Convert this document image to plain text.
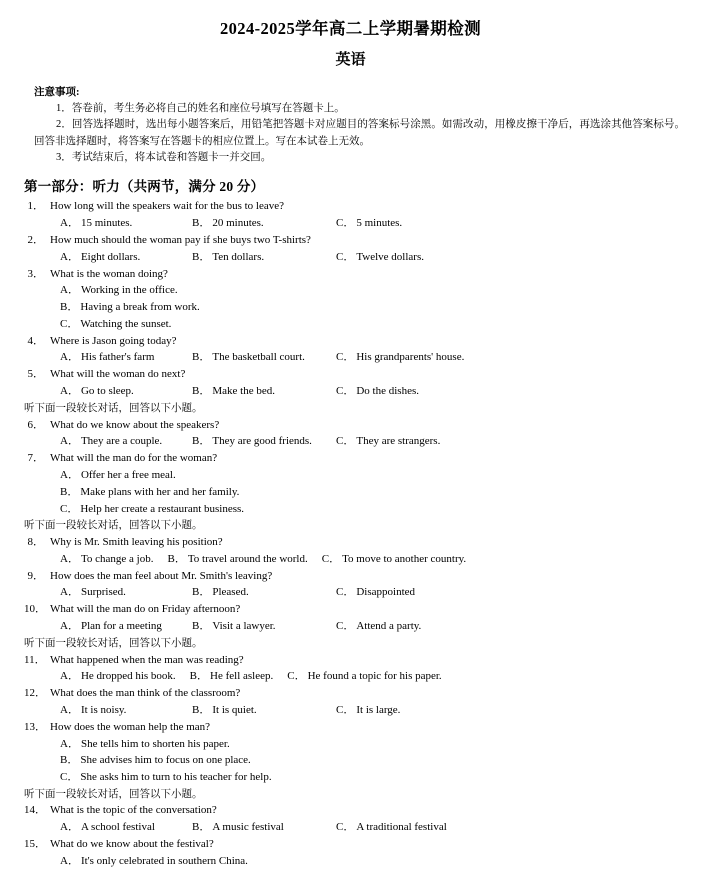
2024-2025学年高二上学期暑期检测
英语
注意事项:
1．答卷前，考生务必将自己的姓名和座位号填写在答题卡上。
2．回答选择题时，选出每小题答案后，用铅笔把答题卡对应题目的答案标号涂黑。如需改动，用橡皮擦干净后，再选涂其他答案标号。回答非选择题时，将答案写在答题卡的相应位置上。写在本试卷上无效。
3．考试结束后，将本试卷和答题卡一并交回。
第一部分：听力（共两节，满分 20 分）
1． How long will the speakers wait for the bus to leave?
A． 15 minutes.	B． 20 minutes.	C． 5 minutes.
2． How much should the woman pay if she buys two T-shirts?
A． Eight dollars.	B． Ten dollars.	C． Twelve dollars.
3． What is the woman doing?
A． Working in the office.
B． Having a break from work.
C． Watching the sunset.
4． Where is Jason going today?
A． His father's farm	B． The basketball court.	C． His grandparents' house.
5． What will the woman do next?
A． Go to sleep.	B． Make the bed.	C． Do the dishes.
听下面一段较长对话，回答以下小题。
6． What do we know about the speakers?
A． They are a couple.	B． They are good friends. C． They are strangers.
7． What will the man do for the woman?
A． Offer her a free meal.
B． Make plans with her and her family.
C． Help her create a restaurant business.
听下面一段较长对话，回答以下小题。
8． Why is Mr. Smith leaving his position?
A． To change a job. B． To travel around the world. C． To move to another country.
9． How does the man feel about Mr. Smith's leaving?
A． Surprised.	B． Pleased.	C． Disappointed
10． What will the man do on Friday afternoon?
A． Plan for a meeting	B． Visit a lawyer.	C． Attend a party.
听下面一段较长对话，回答以下小题。
11． What happened when the man was reading?
A． He dropped his book. B． He fell asleep. C． He found a topic for his paper.
12． What does the man think of the classroom?
A． It is noisy.	B． It is quiet.	C． It is large.
13． How does the woman help the man?
A． She tells him to shorten his paper.
B． She advises him to focus on one place.
C． She asks him to turn to his teacher for help.
听下面一段较长对话，回答以下小题。
14． What is the topic of the conversation?
A． A school festival	B． A music festival	C． A traditional festival
15． What do we know about the festival?
A． It's only celebrated in southern China.
